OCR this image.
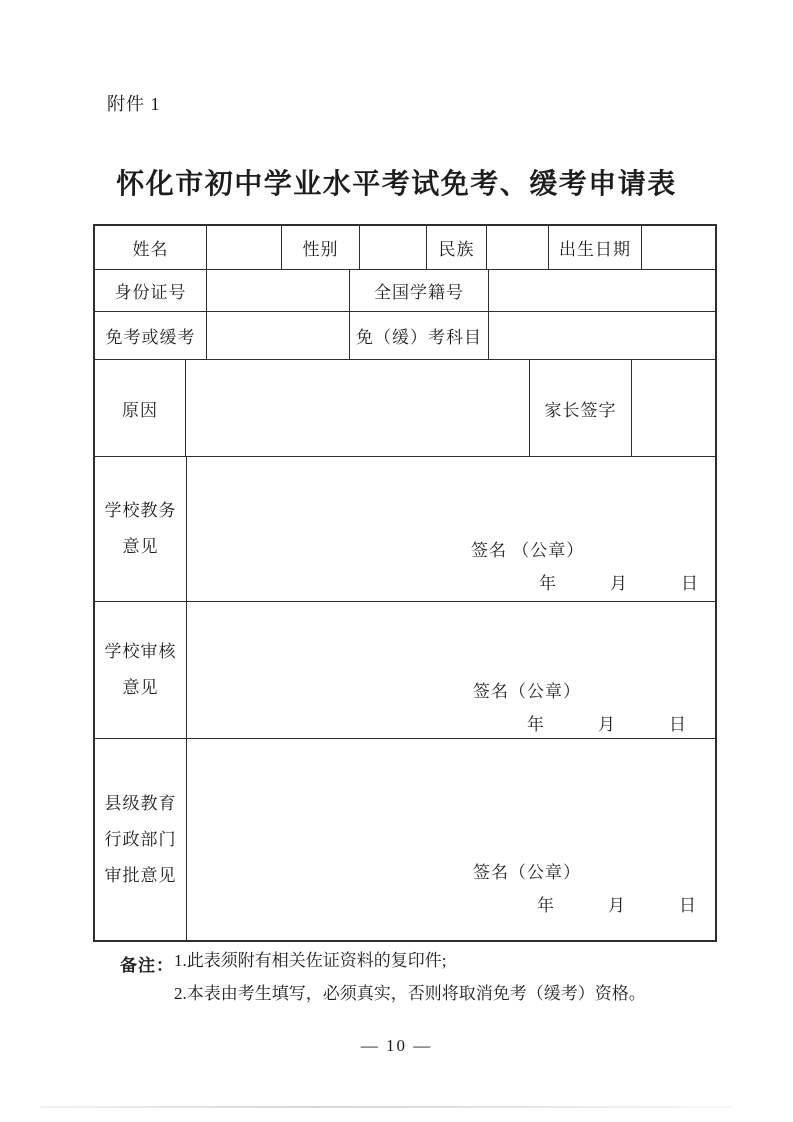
附件 1
怀化市初中学业水平考试免考、缓考申请表
姓名	性别	民族	出生日期
身份证号	全国学籍号
免考或缓考	免（缓）考科目
原因	家长签字
学校教务
意见	签名 （公章）
年    月    日
学校审核
意见	签名（公章）
年    月    日
县级教育
行政部门
审批意见	签名（公章）
年    月    日
备注： 1.此表须附有相关佐证资料的复印件;
2.本表由考生填写，必须真实，否则将取消免考（缓考）资格。
— 10 —
